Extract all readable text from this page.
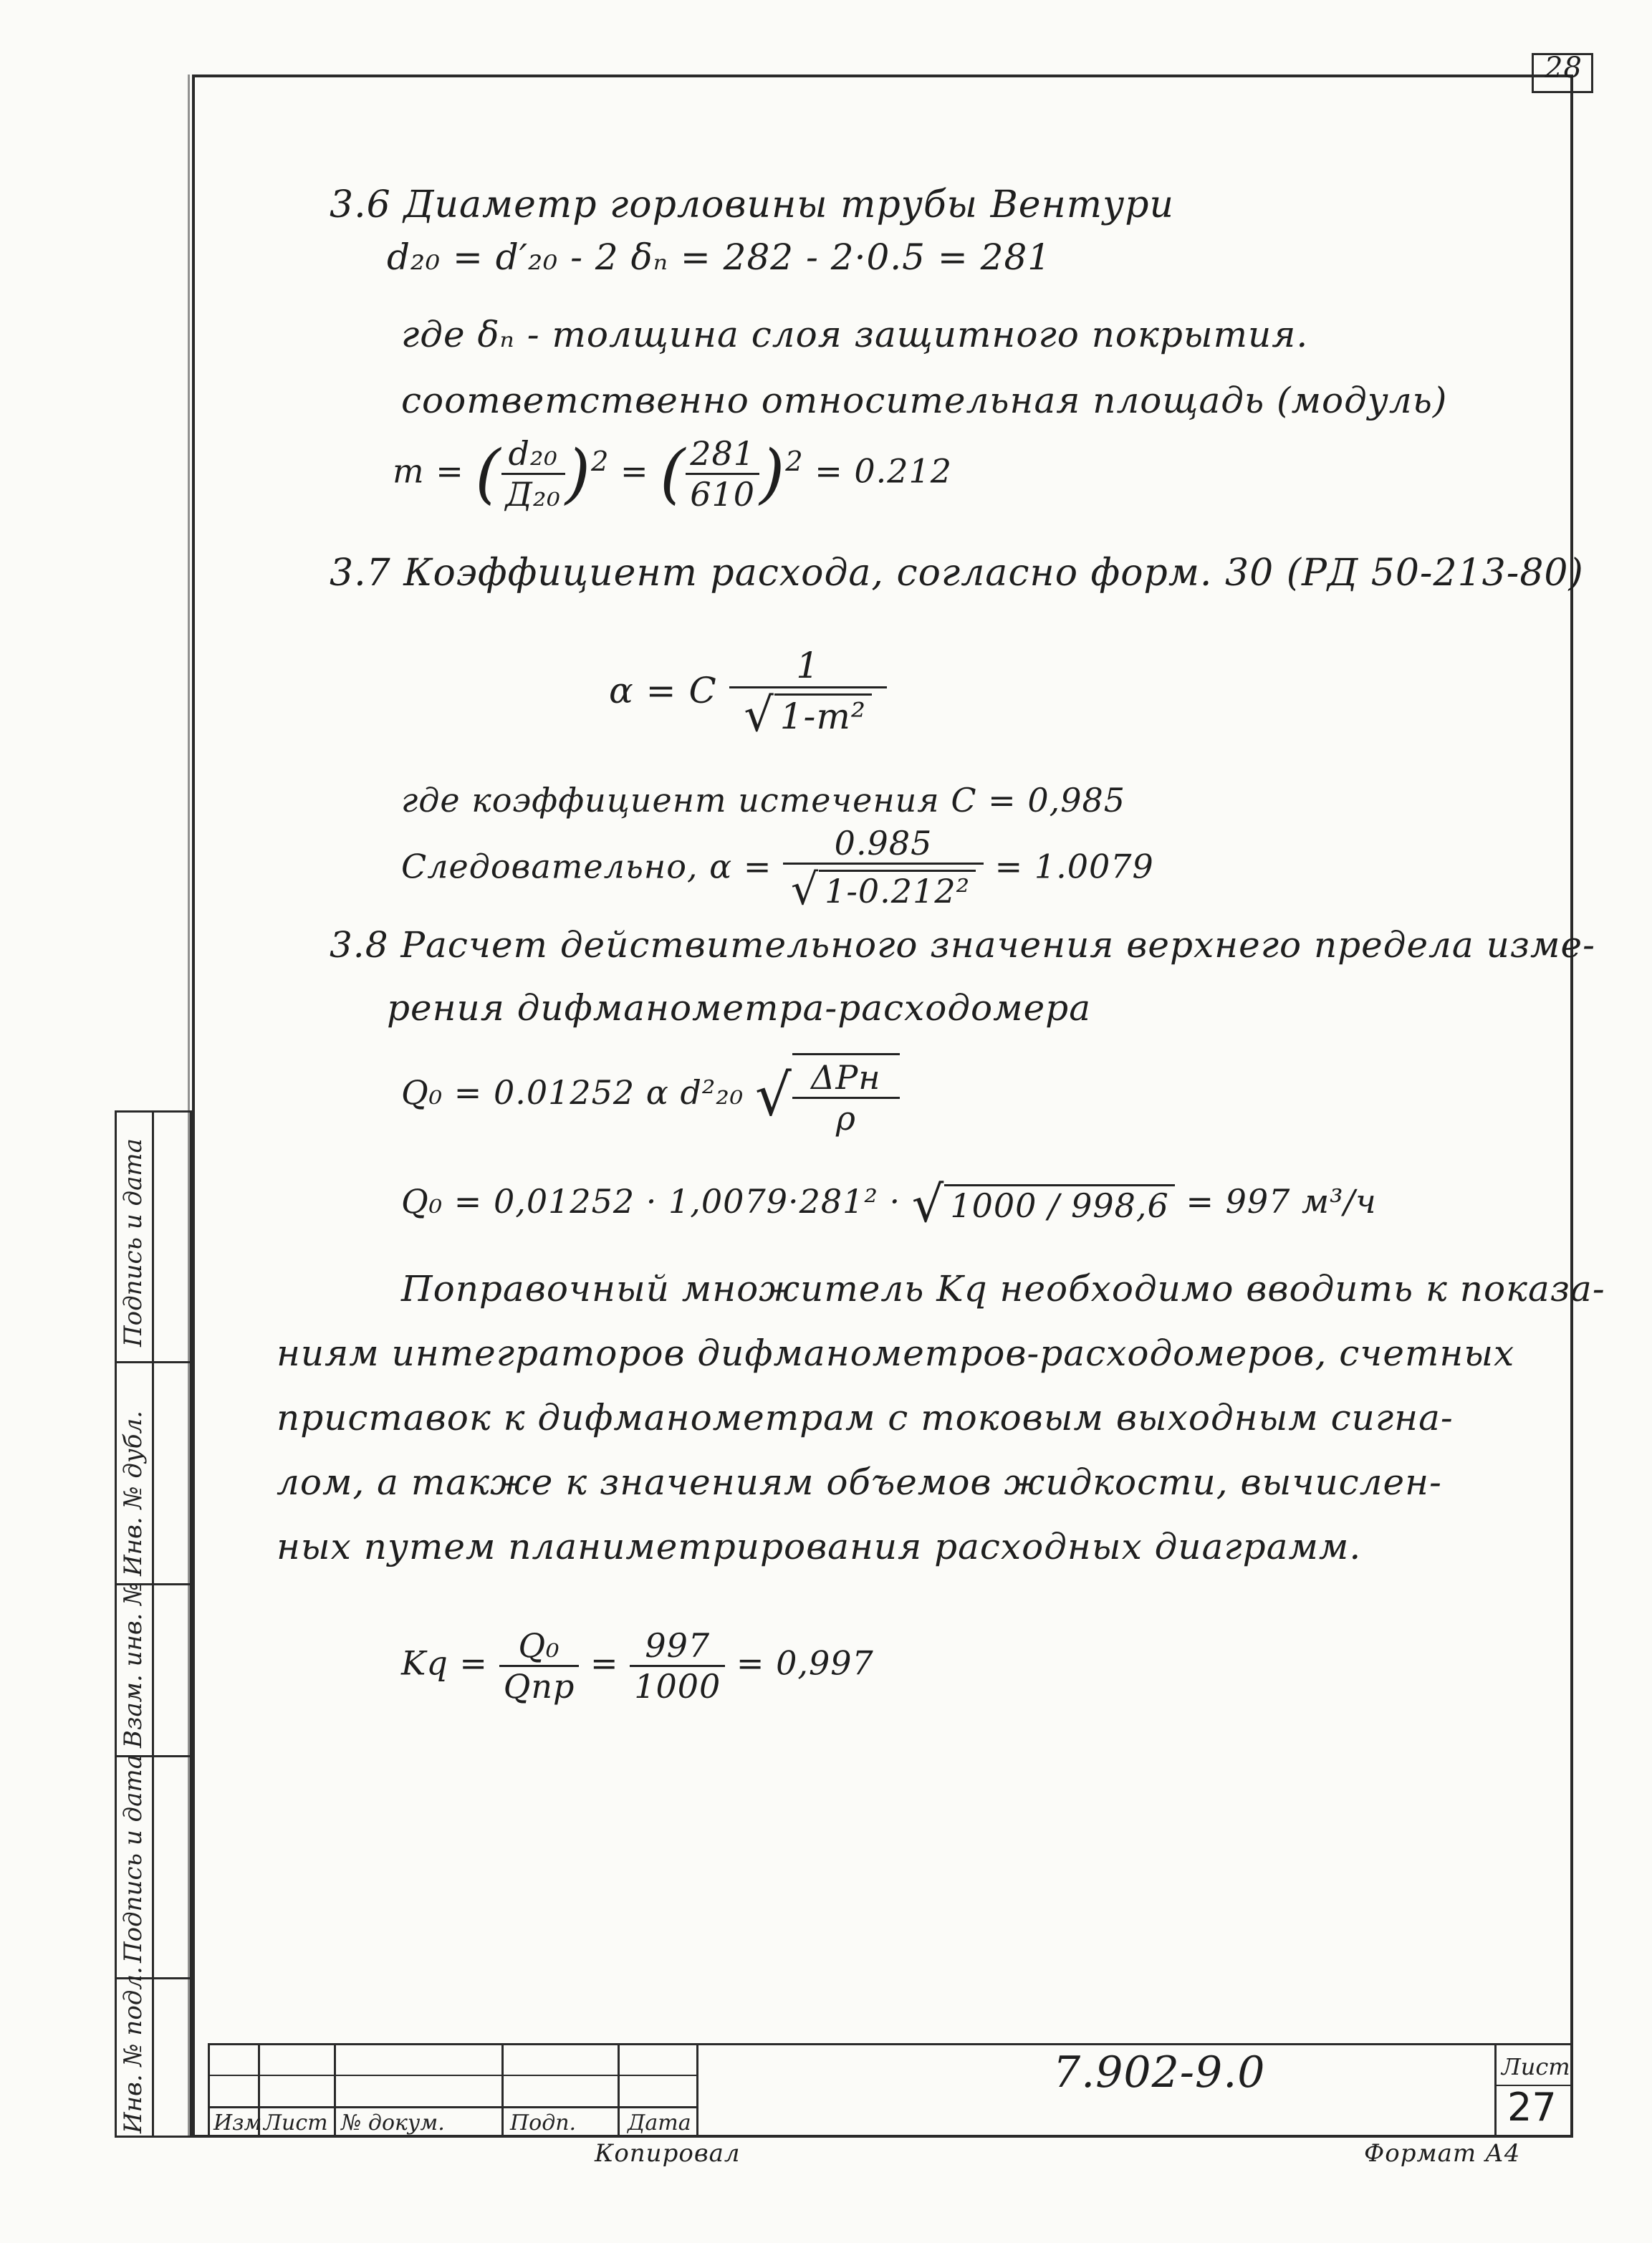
28
3.6 Диаметр горловины трубы Вентури
d₂₀ = d′₂₀ - 2 δₙ = 282 - 2·0.5 = 281
где δₙ - толщина слоя защитного покрытия.
соответственно относительная площадь (модуль)
m = ( $\frac{\text{d₂₀}}{\text{Д₂₀}} )^2$ = ( $\frac{281}{610} )^2 = 0.212$
3.7 Коэффициент расхода, согласно форм. 30 (РД 50-213-80)
α = C $\frac{1}{\text{√ 1-m²}}$
где коэффициент истечения C = 0,985
Следовательно, $\alpha = \frac{0.985}{\text{√ 1-0.212²}} = 1.0079$
3.8 Расчет действительного значения верхнего предела изме-
рения дифманометра-расходомера
Q₀ = 0.01252 α d²₂₀ √ $\frac{\text{ΔPн}}{\rho}$
Q₀ = 0,01252 · 1,0079·281² · √ 1000 / 998,6 = 997 м³/ч
Поправочный множитель Kq необходимо вводить к показа-
ниям интеграторов дифманометров-расходомеров, счетных
приставок к дифманометрам с токовым выходным сигна-
лом, а также к значениям объемов жидкости, вычислен-
ных путем планиметрирования расходных диаграмм.
$Kq = \frac{\text{Q₀}}{\text{Qпр}} = \frac{997}{1000} = 0,997$
Подпись и дата
Инв. № дубл.
Взам. инв. №
Подпись и дата
Инв. № подл.	Изм Лист № докум.	Подп. Дата
7.902-9.0	Лист
27
Копировал	Формат А4
